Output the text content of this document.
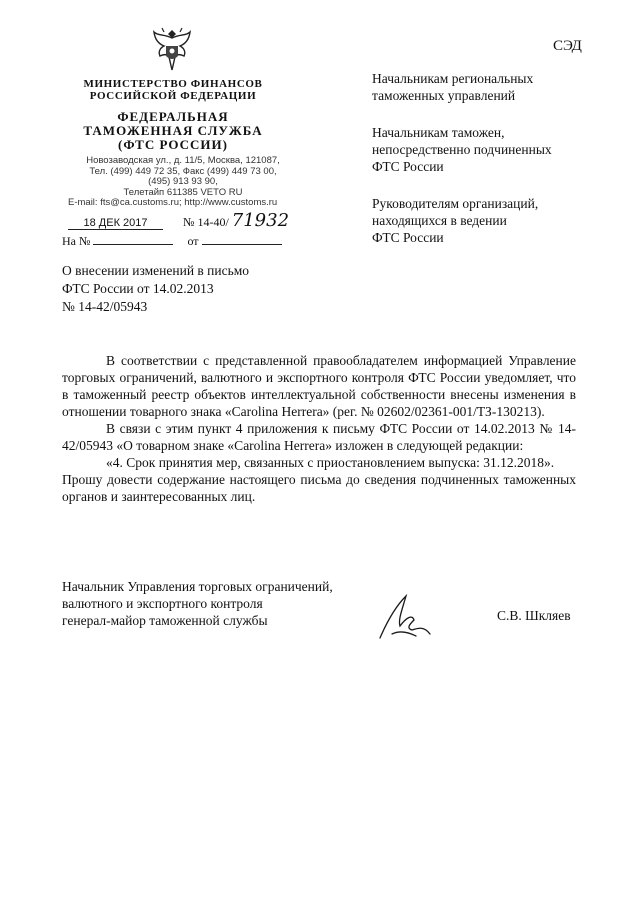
СЭД
МИНИСТЕРСТВО ФИНАНСОВ
РОССИЙСКОЙ ФЕДЕРАЦИИ
ФЕДЕРАЛЬНАЯ
ТАМОЖЕННАЯ СЛУЖБА
(ФТС РОССИИ)
Новозаводская ул., д. 11/5, Москва, 121087,
Тел. (499) 449 72 35, Факс (499) 449 73 00,
(495) 913 93 90,
Телетайп 611385 VETO RU
E-mail: fts@ca.customs.ru; http://www.customs.ru
18 ДЕК 2017	№ 14-40/ 71932
На №	от
Начальникам региональных
таможенных управлений
Начальникам таможен,
непосредственно подчиненных
ФТС России
Руководителям организаций,
находящихся в ведении
ФТС России
О внесении изменений в письмо
ФТС России от 14.02.2013
№ 14-42/05943

В соответствии с представленной правообладателем информацией Управление торговых ограничений, валютного и экспортного контроля ФТС России уведомляет, что в таможенный реестр объектов интеллектуальной собственности внесены изменения в отношении товарного знака «Carolina Herrera» (рег. № 02602/02361-001/ТЗ-130213).

В связи с этим пункт 4 приложения к письму ФТС России от 14.02.2013 № 14-42/05943 «О товарном знаке «Carolina Herrera» изложен в следующей редакции:

«4. Срок принятия мер, связанных с приостановлением выпуска: 31.12.2018».

Прошу довести содержание настоящего письма до сведения подчиненных таможенных органов и заинтересованных лиц.

Начальник Управления торговых ограничений,
валютного и экспортного контроля
генерал-майор таможенной службы	С.В. Шкляев
